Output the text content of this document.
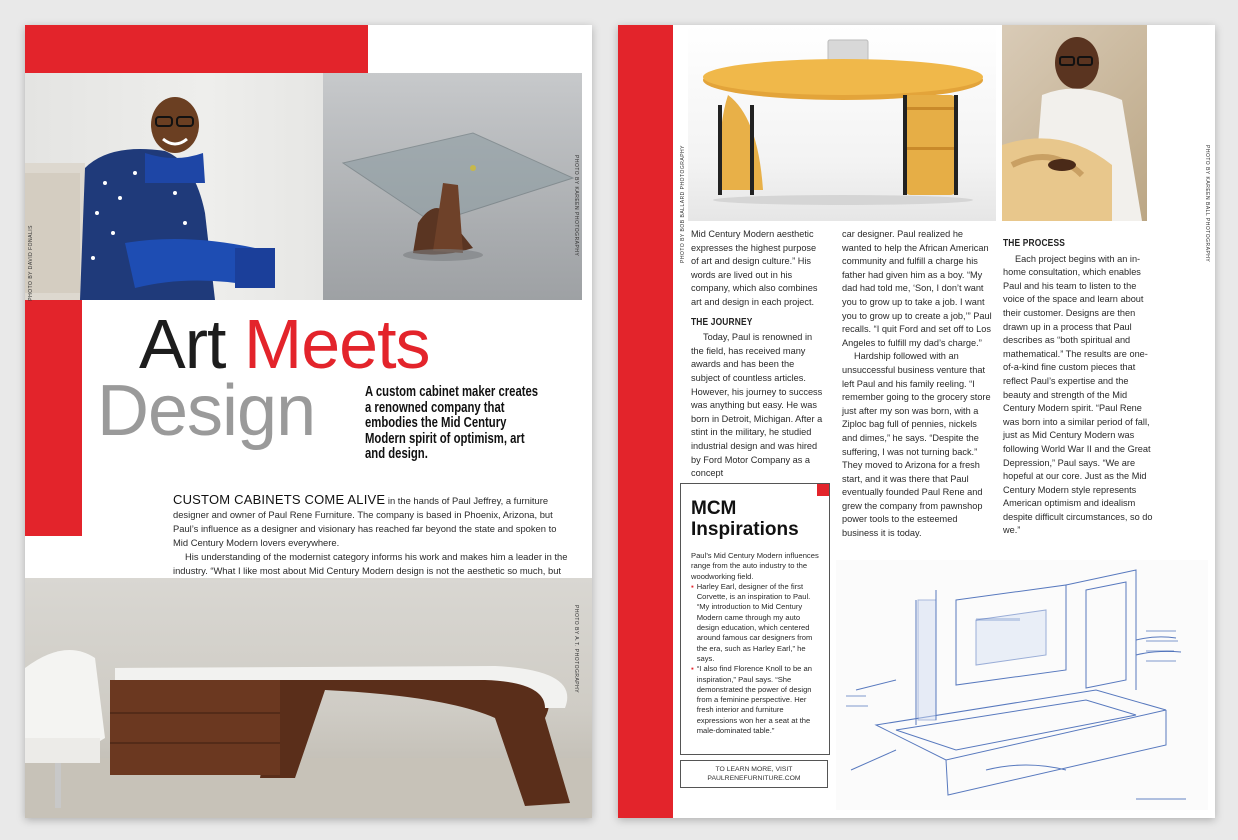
PHOTO BY DAVID FONALIS
PHOTO BY KAREEN PHOTOGRAPHY
Art Meets
Design	A custom cabinet maker creates a renowned company that embodies the Mid Century Modern spirit of optimism, art and design.

CUSTOM CABINETS COME ALIVE in the hands of Paul Jeffrey, a furniture designer and owner of Paul Rene Furniture. The company is based in Phoenix, Arizona, but Paul’s influence as a designer and visionary has reached far beyond the state and spoken to Mid Century Modern lovers everywhere.

His understanding of the modernist category informs his work and makes him a leader in the industry. “What I like most about Mid Century Modern design is not the aesthetic so much, but

PHOTO BY A.T. PHOTOGRAPHY
PHOTO BY BOB BALLARD PHOTOGRAPHY	PHOTO BY KAREEN BALL PHOTOGRAPHY

Mid Century Modern aesthetic expresses the highest purpose of art and design culture.” His words are lived out in his company, which also combines art and design in each project.

THE JOURNEY

Today, Paul is renowned in the field, has received many awards and has been the subject of countless articles. However, his journey to success was anything but easy. He was born in Detroit, Michigan. After a stint in the military, he studied industrial design and was hired by Ford Motor Company as a concept

car designer. Paul realized he wanted to help the African American community and fulfill a charge his father had given him as a boy. “My dad had told me, ‘Son, I don’t want you to grow up to take a job. I want you to grow up to create a job,’” Paul recalls. “I quit Ford and set off to Los Angeles to fulfill my dad’s charge.”

Hardship followed with an unsuccessful business venture that left Paul and his family reeling. “I remember going to the grocery store just after my son was born, with a Ziploc bag full of pennies, nickels and dimes,” he says. “Despite the suffering, I was not turning back.” They moved to Arizona for a fresh start, and it was there that Paul eventually founded Paul Rene and grew the company from pawnshop power tools to the esteemed business it is today.

THE PROCESS

Each project begins with an in-home consultation, which enables Paul and his team to listen to the voice of the space and learn about their customer. Designs are then drawn up in a process that Paul describes as “both spiritual and mathematical.” The results are one-of-a-kind fine custom pieces that reflect Paul’s expertise and the beauty and strength of the Mid Century Modern spirit. “Paul Rene was born into a similar period of fall, just as Mid Century Modern was following World War II and the Great Depression,” Paul says. “We are hopeful at our core. Just as the Mid Century Modern style represents American optimism and idealism despite difficult circumstances, so do we.”

MCM
Inspirations
Paul’s Mid Century Modern influences range from the auto industry to the woodworking field.
▪ Harley Earl, designer of the first Corvette, is an inspiration to Paul. “My introduction to Mid Century Modern came through my auto design education, which centered around famous car designers from the era, such as Harley Earl,” he says.
▪ “I also find Florence Knoll to be an inspiration,” Paul says. “She demonstrated the power of design from a feminine perspective. Her fresh interior and furniture expressions won her a seat at the male-dominated table.”
TO LEARN MORE, VISIT
PAULRENEFURNITURE.COM
